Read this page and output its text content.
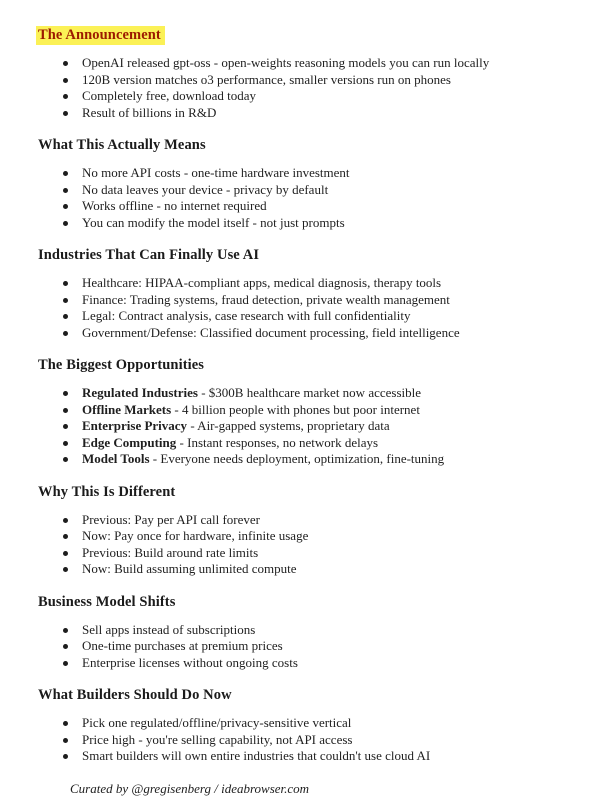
The Announcement
OpenAI released gpt-oss - open-weights reasoning models you can run locally
120B version matches o3 performance, smaller versions run on phones
Completely free, download today
Result of billions in R&D
What This Actually Means
No more API costs - one-time hardware investment
No data leaves your device - privacy by default
Works offline - no internet required
You can modify the model itself - not just prompts
Industries That Can Finally Use AI
Healthcare: HIPAA-compliant apps, medical diagnosis, therapy tools
Finance: Trading systems, fraud detection, private wealth management
Legal: Contract analysis, case research with full confidentiality
Government/Defense: Classified document processing, field intelligence
The Biggest Opportunities
Regulated Industries - $300B healthcare market now accessible
Offline Markets - 4 billion people with phones but poor internet
Enterprise Privacy - Air-gapped systems, proprietary data
Edge Computing - Instant responses, no network delays
Model Tools - Everyone needs deployment, optimization, fine-tuning
Why This Is Different
Previous: Pay per API call forever
Now: Pay once for hardware, infinite usage
Previous: Build around rate limits
Now: Build assuming unlimited compute
Business Model Shifts
Sell apps instead of subscriptions
One-time purchases at premium prices
Enterprise licenses without ongoing costs
What Builders Should Do Now
Pick one regulated/offline/privacy-sensitive vertical
Price high - you're selling capability, not API access
Smart builders will own entire industries that couldn't use cloud AI

Curated by @gregisenberg / ideabrowser.com
